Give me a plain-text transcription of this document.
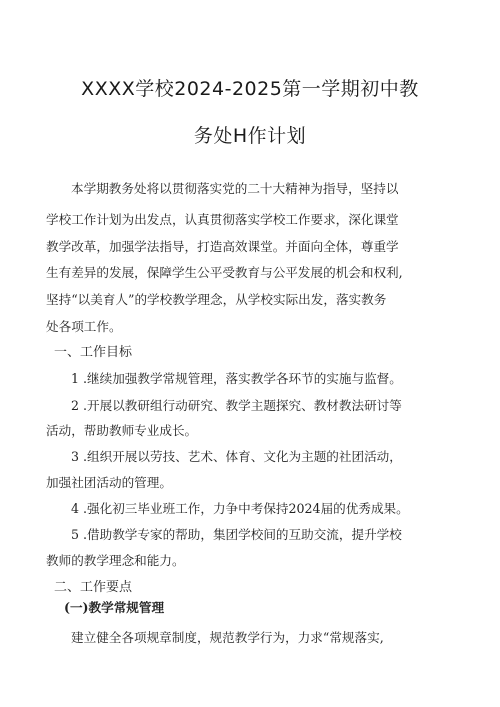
XXXX学校2024-2025第一学期初中教
务处H作计划
本学期教务处将以贯彻落实党的二十大精神为指导，坚持以
学校工作计划为出发点，认真贯彻落实学校工作要求，深化课堂
教学改革，加强学法指导，打造高效课堂。并面向全体，尊重学
生有差异的发展，保障学生公平受教育与公平发展的机会和权利,
坚持“以美育人”的学校教学理念，从学校实际出发，落实教务
处各项工作。
一、工作目标
1 .继续加强教学常规管理，落实教学各环节的实施与监督。
2 .开展以教研组行动研究、教学主题探究、教材教法研讨等
活动，帮助教师专业成长。
3 .组织开展以劳技、艺术、体育、文化为主题的社团活动，
加强社团活动的管理。
4 .强化初三毕业班工作，力争中考保持2024届的优秀成果。
5 .借助教学专家的帮助，集团学校间的互助交流，提升学校
教师的教学理念和能力。
二、工作要点
(一)教学常规管理
建立健全各项规章制度，规范教学行为，力求“常规落实,
